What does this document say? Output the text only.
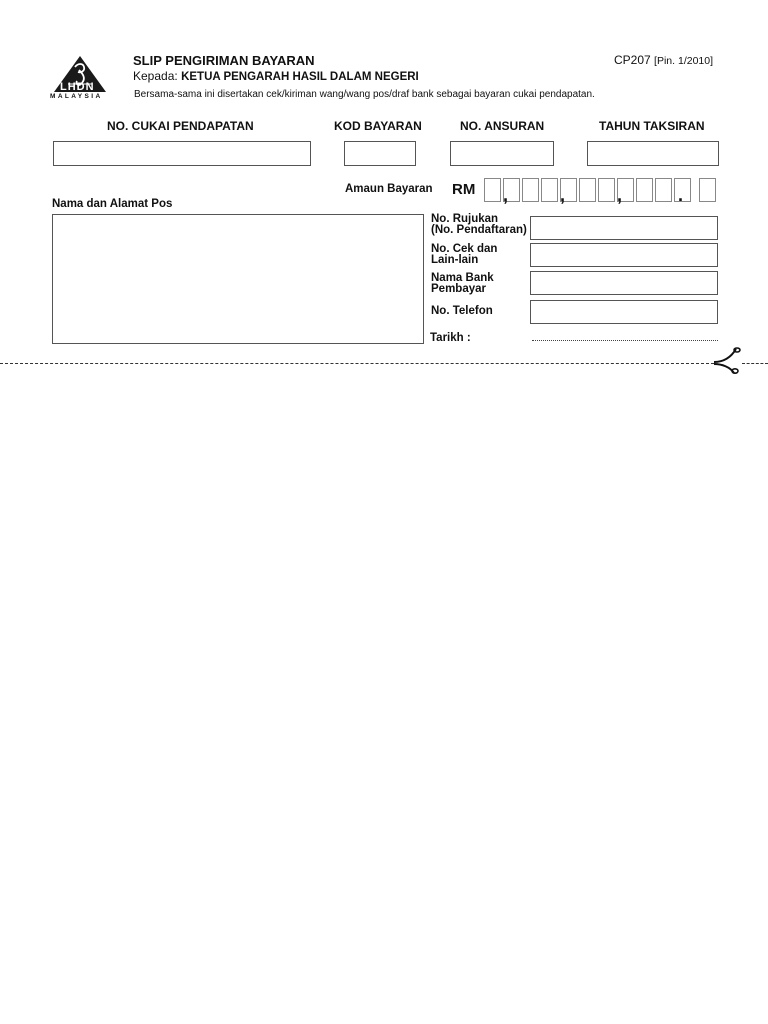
LHDN
MALAYSIA
SLIP PENGIRIMAN BAYARAN	CP207 [Pin. 1/2010]
Kepada: KETUA PENGARAH HASIL DALAM NEGERI
Bersama-sama ini disertakan cek/kiriman wang/wang pos/draf bank sebagai bayaran cukai pendapatan.
NO. CUKAI PENDAPATAN	KOD BAYARAN	NO. ANSURAN	TAHUN TAKSIRAN
Amaun Bayaran RM ,	,	,	.
Nama dan Alamat Pos
No. Rujukan
(No. Pendaftaran)
No. Cek dan
Lain-lain
Nama Bank
Pembayar
No. Telefon
Tarikh :
